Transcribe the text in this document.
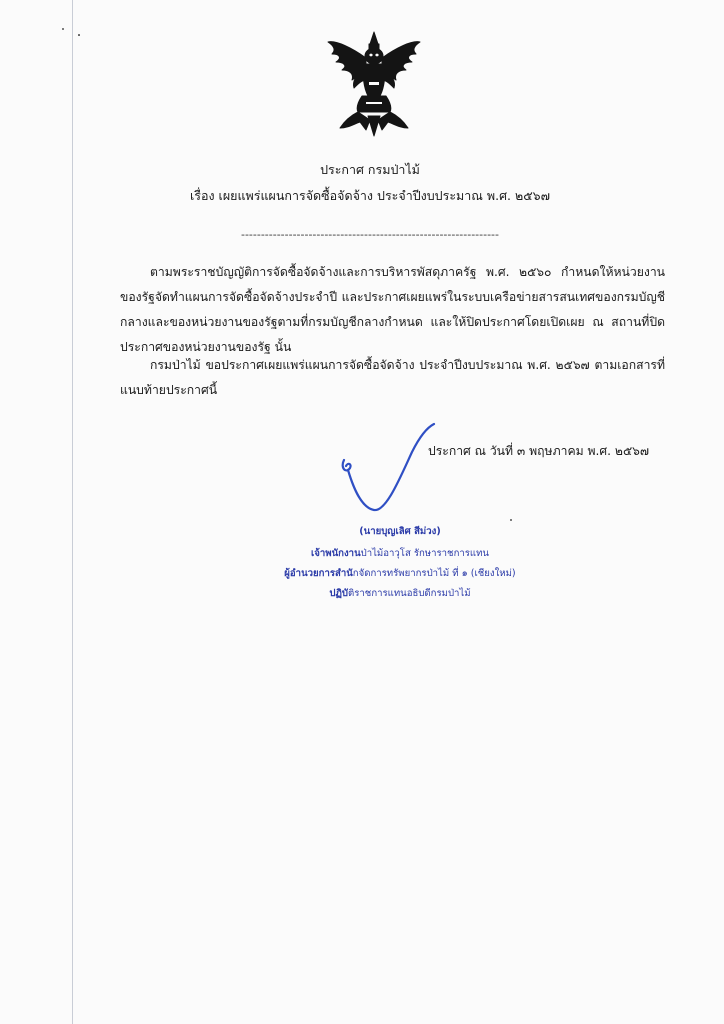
ประกาศ กรมป่าไม้
เรื่อง เผยแพร่แผนการจัดซื้อจัดจ้าง ประจำปีงบประมาณ พ.ศ. ๒๕๖๗
-----------------------------------------------------------------
ตามพระราชบัญญัติการจัดซื้อจัดจ้างและการบริหารพัสดุภาครัฐ พ.ศ. ๒๕๖๐ กำหนดให้หน่วยงานของรัฐจัดทำแผนการจัดซื้อจัดจ้างประจำปี และประกาศเผยแพร่ในระบบเครือข่ายสารสนเทศของกรมบัญชีกลางและของหน่วยงานของรัฐตามที่กรมบัญชีกลางกำหนด และให้ปิดประกาศโดยเปิดเผย ณ สถานที่ปิดประกาศของหน่วยงานของรัฐ นั้น
กรมป่าไม้ ขอประกาศเผยแพร่แผนการจัดซื้อจัดจ้าง ประจำปีงบประมาณ พ.ศ. ๒๕๖๗ ตามเอกสารที่แนบท้ายประกาศนี้
ประกาศ ณ วันที่ ๓ พฤษภาคม พ.ศ. ๒๕๖๗
(นายบุญเลิศ สีม่วง)
เจ้าพนักงานป่าไม้อาวุโส รักษาราชการแทน
ผู้อำนวยการสำนักจัดการทรัพยากรป่าไม้ ที่ ๑ (เชียงใหม่)
ปฏิบัติราชการแทนอธิบดีกรมป่าไม้
